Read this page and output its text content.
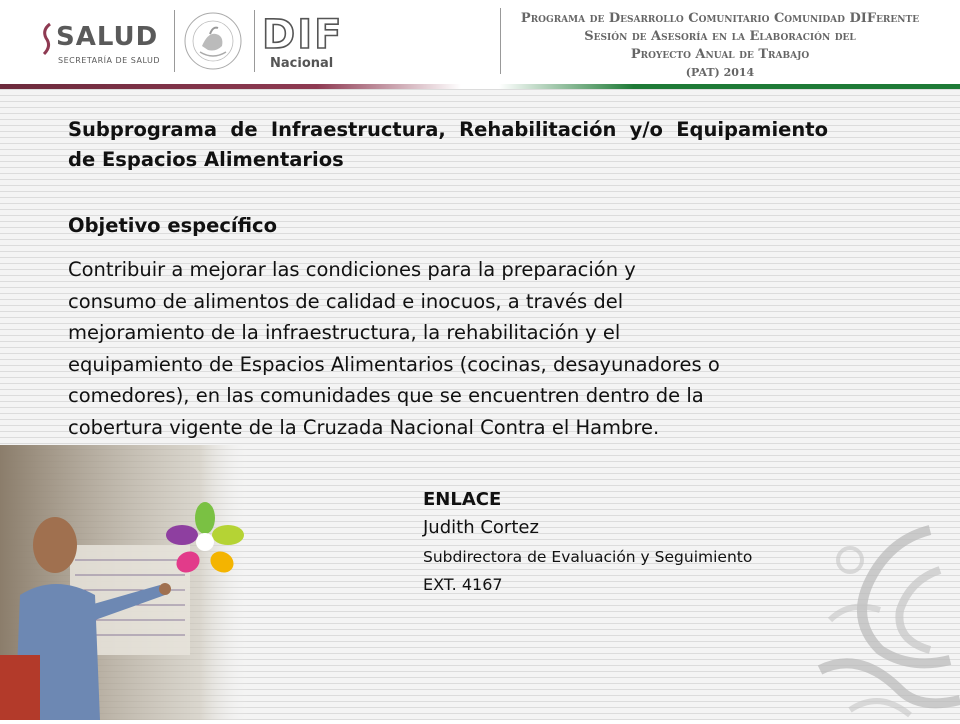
SALUD
SECRETARÍA DE SALUD
DIF
Nacional
Programa de Desarrollo Comunitario Comunidad DIFerente
Sesión de Asesoría en la Elaboración del
Proyecto Anual de Trabajo
(PAT) 2014
Subprograma de Infraestructura, Rehabilitación y/o Equipamiento de Espacios Alimentarios
Objetivo específico
Contribuir a mejorar las condiciones para la preparación y
consumo de alimentos de calidad e inocuos, a través del
mejoramiento de la infraestructura, la rehabilitación y el
equipamiento de Espacios Alimentarios (cocinas, desayunadores o
comedores), en las comunidades que se encuentren dentro de la
cobertura vigente de la Cruzada Nacional Contra el Hambre.
ENLACE
Judith Cortez
Subdirectora de Evaluación y Seguimiento
EXT. 4167
